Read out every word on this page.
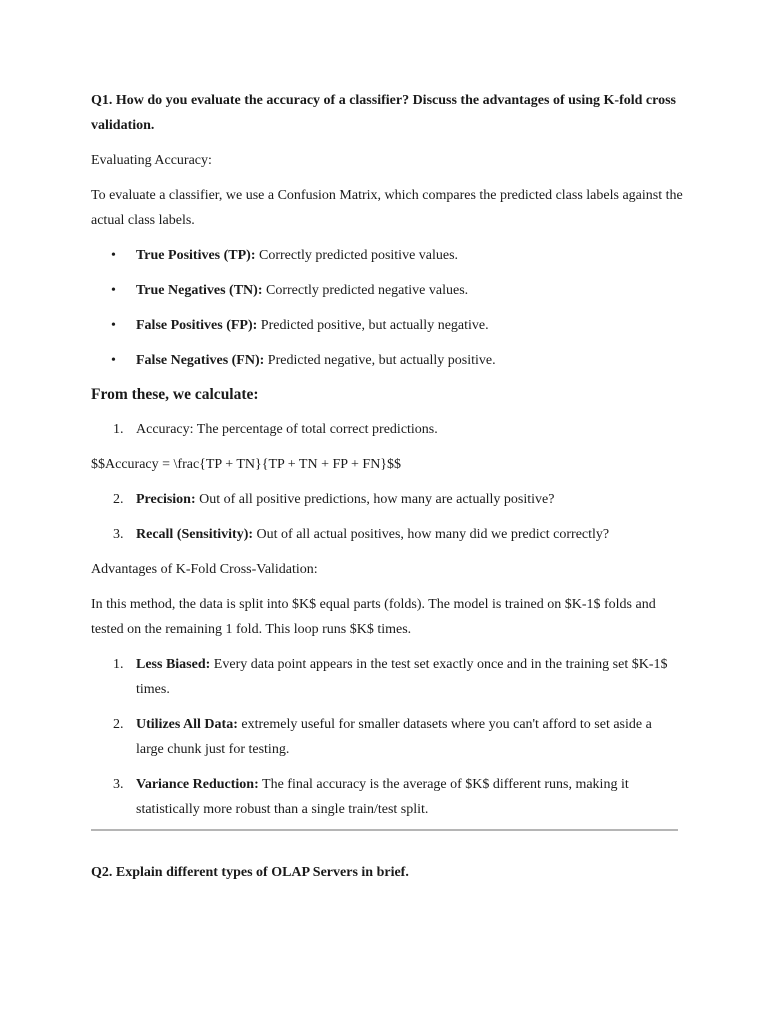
Q1. How do you evaluate the accuracy of a classifier? Discuss the advantages of using K-fold cross validation.

Evaluating Accuracy:

To evaluate a classifier, we use a Confusion Matrix, which compares the predicted class labels against the actual class labels.

• True Positives (TP): Correctly predicted positive values.
• True Negatives (TN): Correctly predicted negative values.
• False Positives (FP): Predicted positive, but actually negative.
• False Negatives (FN): Predicted negative, but actually positive.

From these, we calculate:

1. Accuracy: The percentage of total correct predictions.

$$Accuracy = \frac{TP + TN}{TP + TN + FP + FN}$$

2. Precision: Out of all positive predictions, how many are actually positive?
3. Recall (Sensitivity): Out of all actual positives, how many did we predict correctly?

Advantages of K-Fold Cross-Validation:

In this method, the data is split into $K$ equal parts (folds). The model is trained on $K-1$ folds and tested on the remaining 1 fold. This loop runs $K$ times.

1. Less Biased: Every data point appears in the test set exactly once and in the training set $K-1$ times.
2. Utilizes All Data: extremely useful for smaller datasets where you can't afford to set aside a large chunk just for testing.
3. Variance Reduction: The final accuracy is the average of $K$ different runs, making it statistically more robust than a single train/test split.

Q2. Explain different types of OLAP Servers in brief.
